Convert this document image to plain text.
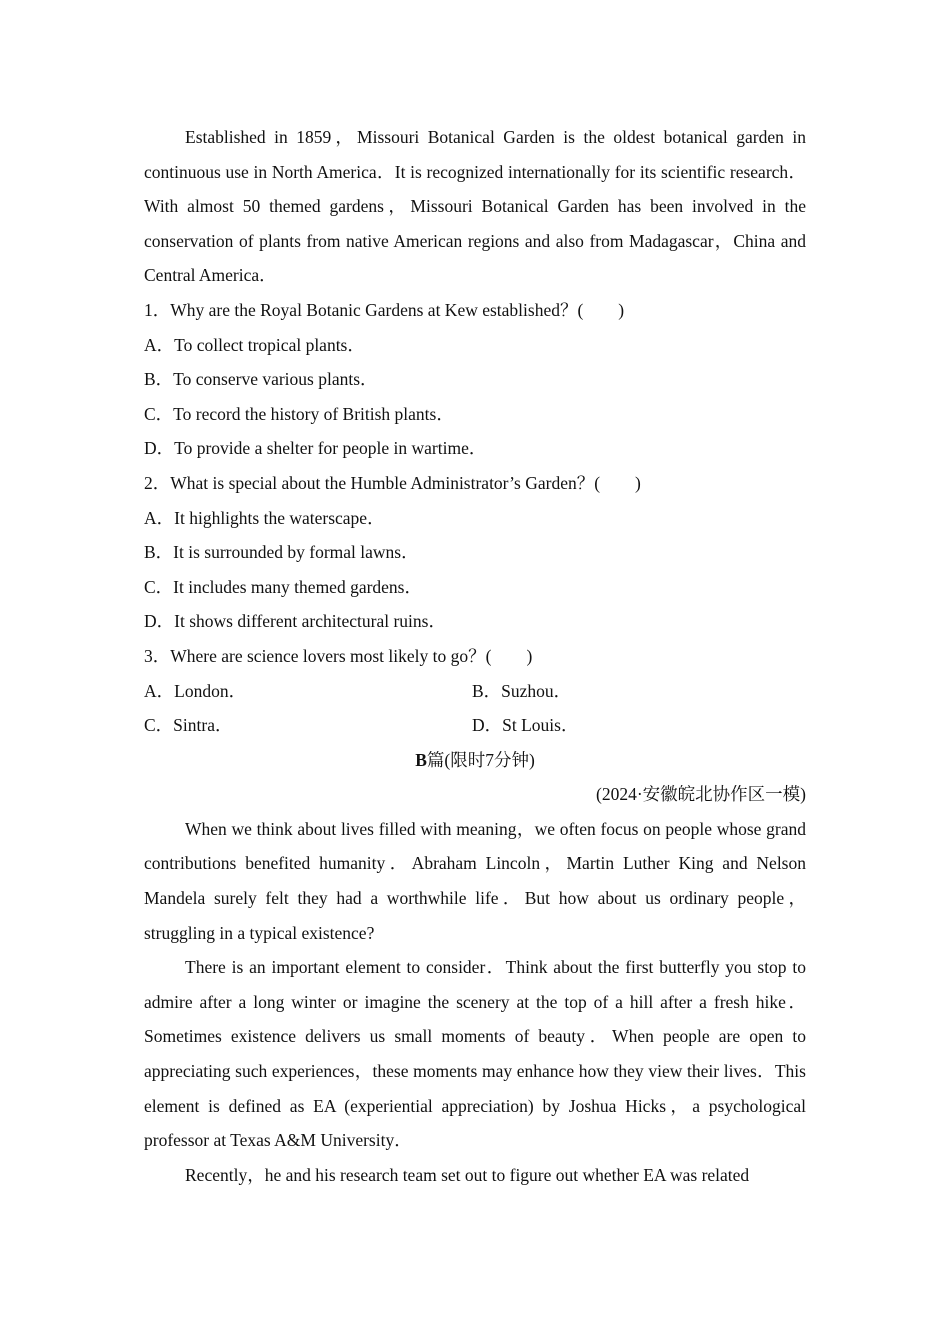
Established in 1859，Missouri Botanical Garden is the oldest botanical garden in continuous use in North America．It is recognized internationally for its scientific research．With almost 50 themed gardens，Missouri Botanical Garden has been involved in the conservation of plants from native American regions and also from Madagascar，China and Central America．

1．Why are the Royal Botanic Gardens at Kew established？(　　)

A．To collect tropical plants．

B．To conserve various plants．

C．To record the history of British plants．

D．To provide a shelter for people in wartime．

2．What is special about the Humble Administrator’s Garden？(　　)

A．It highlights the waterscape．

B．It is surrounded by formal lawns．

C．It includes many themed gardens．

D．It shows different architectural ruins．

3．Where are science lovers most likely to go？(　　)

A．London．	B．Suzhou．
C．Sintra．	D．St Louis．

B篇(限时7分钟)

(2024·安徽皖北协作区一模)

When we think about lives filled with meaning，we often focus on people whose grand contributions benefited humanity．Abraham Lincoln，Martin Luther King and Nelson Mandela surely felt they had a worthwhile life．But how about us ordinary people，struggling in a typical existence?

There is an important element to consider．Think about the first butterfly you stop to admire after a long winter or imagine the scenery at the top of a hill after a fresh hike．Sometimes existence delivers us small moments of beauty．When people are open to appreciating such experiences，these moments may enhance how they view their lives．This element is defined as EA (experiential appreciation) by Joshua Hicks，a psychological professor at Texas A&M University．

Recently，he and his research team set out to figure out whether EA was related
